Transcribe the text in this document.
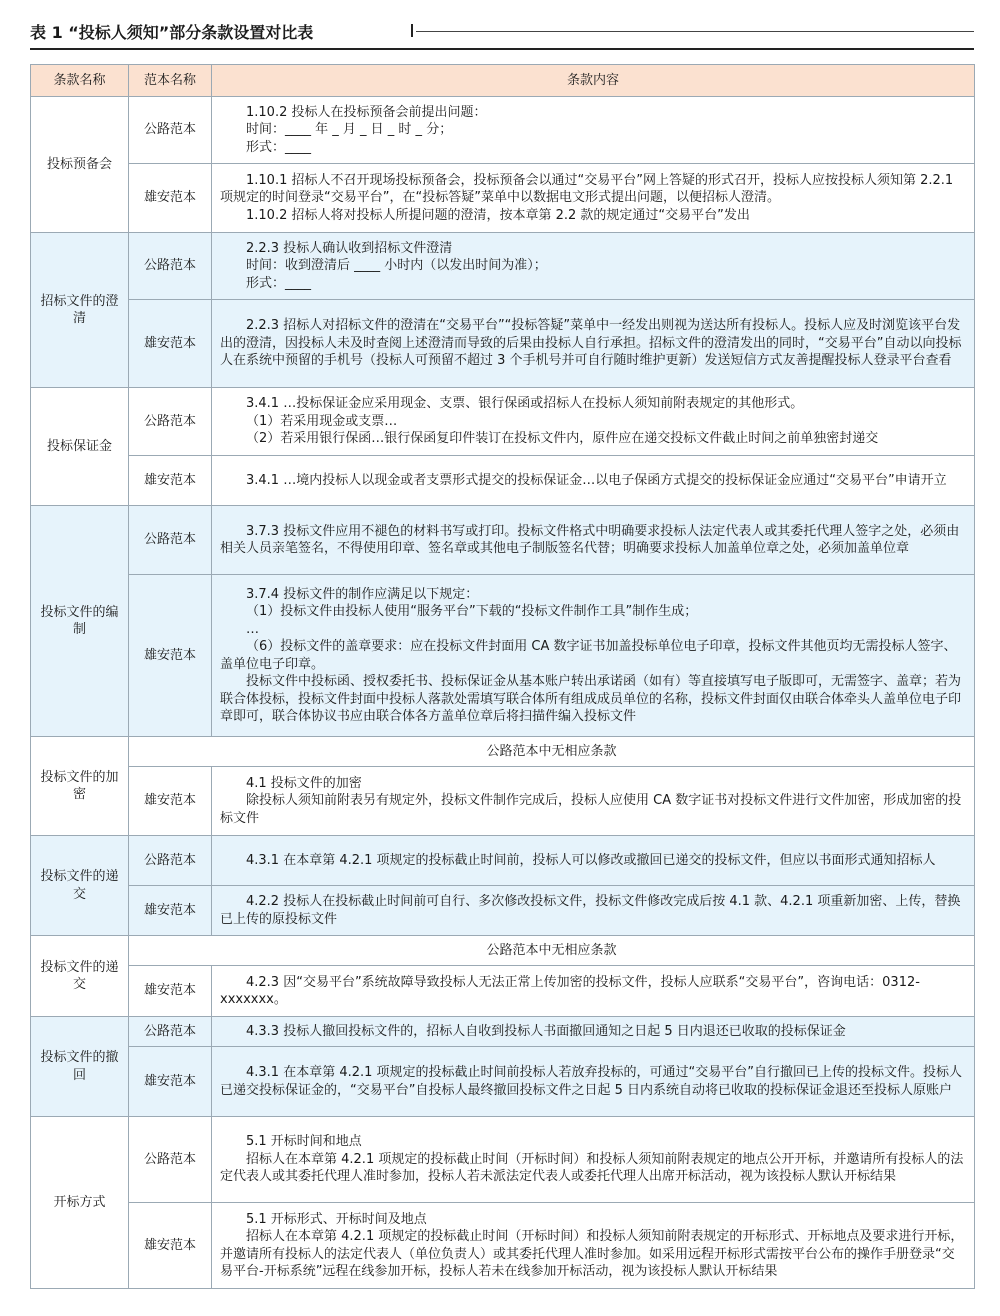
表 1 “投标人须知”部分条款设置对比表
条款名称	范本名称	条款内容
投标预备会	公路范本	1.10.2 投标人在投标预备会前提出问题：
时间：____ 年 _ 月 _ 日 _ 时 _ 分；
形式：____

	雄安范本	1.10.1 招标人不召开现场投标预备会，投标预备会以通过“交易平台”网上答疑的形式召开，投标人应按投标人须知第 2.2.1 项规定的时间登录“交易平台”，在“投标答疑”菜单中以数据电文形式提出问题，以便招标人澄清。
1.10.2 招标人将对投标人所提问题的澄清，按本章第 2.2 款的规定通过“交易平台”发出

招标文件的澄清	公路范本	2.2.3 投标人确认收到招标文件澄清
时间：收到澄清后 ____ 小时内（以发出时间为准）；
形式：____

	雄安范本	2.2.3 招标人对招标文件的澄清在“交易平台”“投标答疑”菜单中一经发出则视为送达所有投标人。投标人应及时浏览该平台发出的澄清，因投标人未及时查阅上述澄清而导致的后果由投标人自行承担。招标文件的澄清发出的同时，“交易平台”自动以向投标人在系统中预留的手机号（投标人可预留不超过 3 个手机号并可自行随时维护更新）发送短信方式友善提醒投标人登录平台查看

投标保证金	公路范本	3.4.1 …投标保证金应采用现金、支票、银行保函或招标人在投标人须知前附表规定的其他形式。
（1）若采用现金或支票…
（2）若采用银行保函…银行保函复印件装订在投标文件内，原件应在递交投标文件截止时间之前单独密封递交

	雄安范本	3.4.1 …境内投标人以现金或者支票形式提交的投标保证金…以电子保函方式提交的投标保证金应通过“交易平台”申请开立

投标文件的编制	公路范本	3.7.3 投标文件应用不褪色的材料书写或打印。投标文件格式中明确要求投标人法定代表人或其委托代理人签字之处，必须由相关人员亲笔签名，不得使用印章、签名章或其他电子制版签名代替；明确要求投标人加盖单位章之处，必须加盖单位章

	雄安范本	3.7.4 投标文件的制作应满足以下规定：
（1）投标文件由投标人使用“服务平台”下载的“投标文件制作工具”制作生成；
…
（6）投标文件的盖章要求：应在投标文件封面用 CA 数字证书加盖投标单位电子印章，投标文件其他页均无需投标人签字、盖单位电子印章。
投标文件中投标函、授权委托书、投标保证金从基本账户转出承诺函（如有）等直接填写电子版即可，无需签字、盖章；若为联合体投标，投标文件封面中投标人落款处需填写联合体所有组成成员单位的名称，投标文件封面仅由联合体牵头人盖单位电子印章即可，联合体协议书应由联合体各方盖单位章后将扫描件编入投标文件

投标文件的加密	公路范本中无相应条款	
	雄安范本	4.1 投标文件的加密
除投标人须知前附表另有规定外，投标文件制作完成后，投标人应使用 CA 数字证书对投标文件进行文件加密，形成加密的投标文件

投标文件的递交	公路范本	4.3.1 在本章第 4.2.1 项规定的投标截止时间前，投标人可以修改或撤回已递交的投标文件，但应以书面形式通知招标人

	雄安范本	4.2.2 投标人在投标截止时间前可自行、多次修改投标文件，投标文件修改完成后按 4.1 款、4.2.1 项重新加密、上传，替换已上传的原投标文件

投标文件的递交	公路范本中无相应条款	
	雄安范本	4.2.3 因“交易平台”系统故障导致投标人无法正常上传加密的投标文件，投标人应联系“交易平台”，咨询电话：0312-xxxxxxx。

投标文件的撤回	公路范本	4.3.3 投标人撤回投标文件的，招标人自收到投标人书面撤回通知之日起 5 日内退还已收取的投标保证金

	雄安范本	4.3.1 在本章第 4.2.1 项规定的投标截止时间前投标人若放弃投标的，可通过“交易平台”自行撤回已上传的投标文件。投标人已递交投标保证金的，“交易平台”自投标人最终撤回投标文件之日起 5 日内系统自动将已收取的投标保证金退还至投标人原账户

开标方式	公路范本	5.1 开标时间和地点
招标人在本章第 4.2.1 项规定的投标截止时间（开标时间）和投标人须知前附表规定的地点公开开标，并邀请所有投标人的法定代表人或其委托代理人准时参加，投标人若未派法定代表人或委托代理人出席开标活动，视为该投标人默认开标结果

	雄安范本	5.1 开标形式、开标时间及地点
招标人在本章第 4.2.1 项规定的投标截止时间（开标时间）和投标人须知前附表规定的开标形式、开标地点及要求进行开标，并邀请所有投标人的法定代表人（单位负责人）或其委托代理人准时参加。如采用远程开标形式需按平台公布的操作手册登录“交易平台-开标系统”远程在线参加开标，投标人若未在线参加开标活动，视为该投标人默认开标结果
